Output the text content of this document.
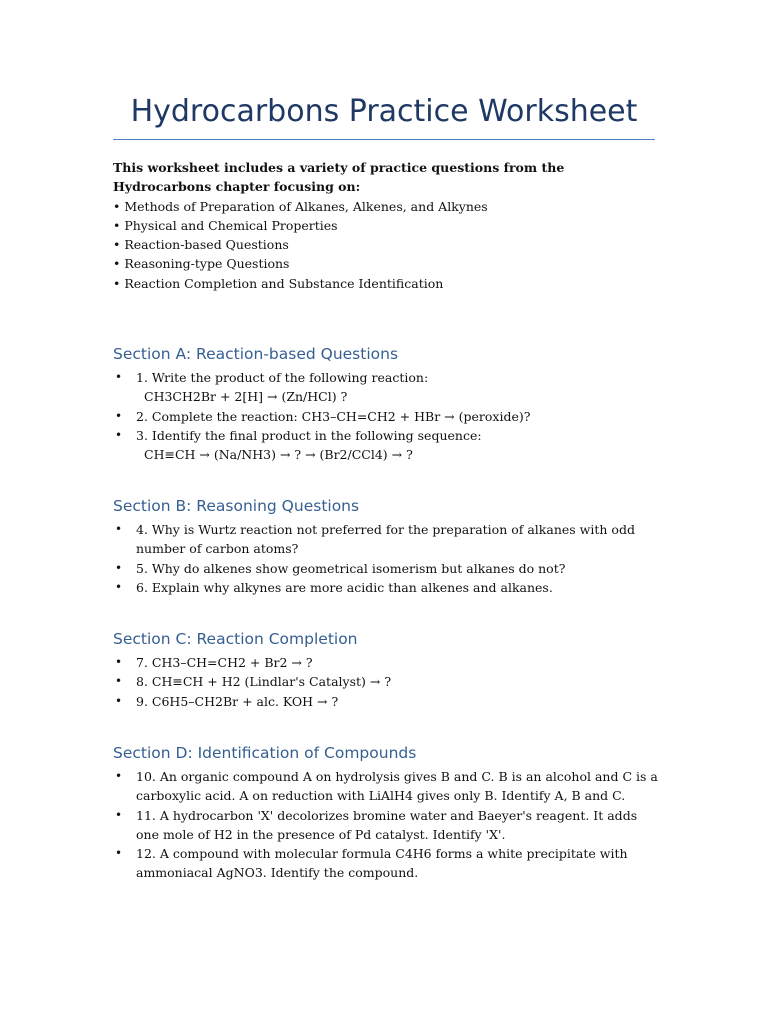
Hydrocarbons Practice Worksheet
This worksheet includes a variety of practice questions from the Hydrocarbons chapter focusing on:

• Methods of Preparation of Alkanes, Alkenes, and Alkynes

• Physical and Chemical Properties

• Reaction-based Questions

• Reasoning-type Questions

• Reaction Completion and Substance Identification

Section A: Reaction-based Questions
• 1. Write the product of the following reaction:
CH3CH2Br + 2[H] → (Zn/HCl) ?
• 2. Complete the reaction: CH3–CH=CH2 + HBr → (peroxide)?
• 3. Identify the final product in the following sequence:
CH≡CH → (Na/NH3) → ? → (Br2/CCl4) → ?
Section B: Reasoning Questions
• 4. Why is Wurtz reaction not preferred for the preparation of alkanes with odd number of carbon atoms?
• 5. Why do alkenes show geometrical isomerism but alkanes do not?
• 6. Explain why alkynes are more acidic than alkenes and alkanes.
Section C: Reaction Completion
• 7. CH3–CH=CH2 + Br2 → ?
• 8. CH≡CH + H2 (Lindlar's Catalyst) → ?
• 9. C6H5–CH2Br + alc. KOH → ?
Section D: Identification of Compounds
• 10. An organic compound A on hydrolysis gives B and C. B is an alcohol and C is a carboxylic acid. A on reduction with LiAlH4 gives only B. Identify A, B and C.
• 11. A hydrocarbon 'X' decolorizes bromine water and Baeyer's reagent. It adds one mole of H2 in the presence of Pd catalyst. Identify 'X'.
• 12. A compound with molecular formula C4H6 forms a white precipitate with ammoniacal AgNO3. Identify the compound.
